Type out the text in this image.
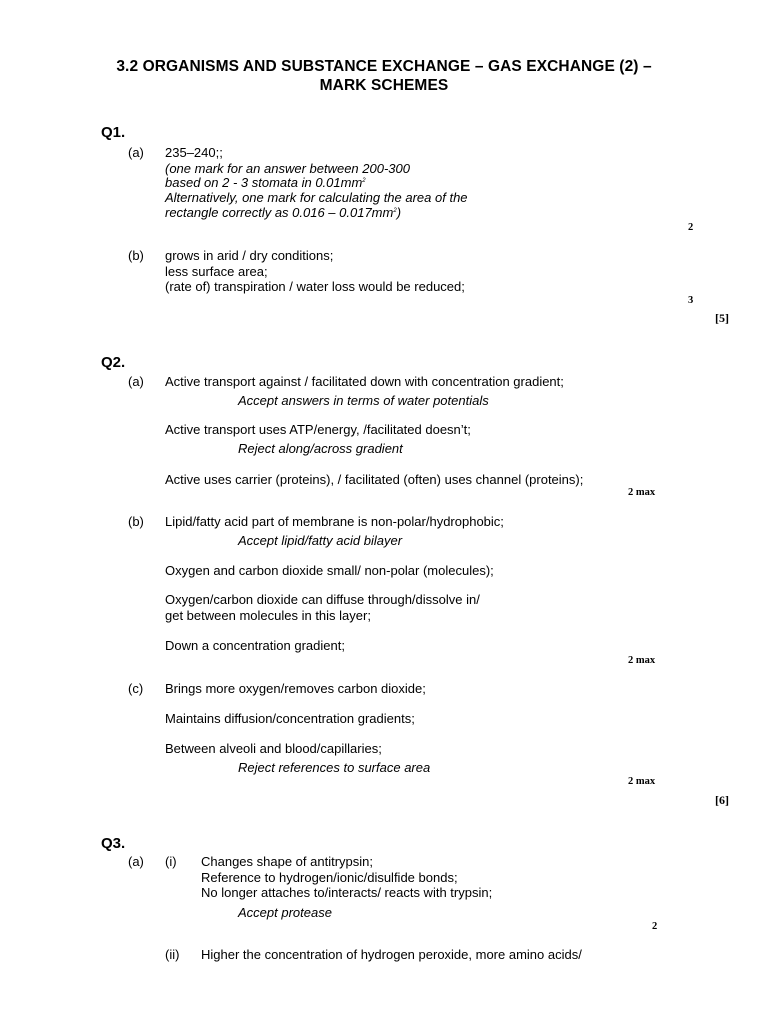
3.2 ORGANISMS AND SUBSTANCE EXCHANGE – GAS EXCHANGE (2) –
MARK SCHEMES
Q1.
(a) 235–240;;
(one mark for an answer between 200-300
based on 2 - 3 stomata in $0.01mm^2$
Alternatively, one mark for calculating the area of the
rectangle correctly as $0.016 - 0.017mm^2$)
2
(b) grows in arid / dry conditions;
less surface area;
(rate of) transpiration / water loss would be reduced;
3
[5]
Q2.
(a) Active transport against / facilitated down with concentration gradient;
Accept answers in terms of water potentials
Active transport uses ATP/energy, /facilitated doesn’t;
Reject along/across gradient
Active uses carrier (proteins), / facilitated (often) uses channel (proteins);
2 max
(b) Lipid/fatty acid part of membrane is non-polar/hydrophobic;
Accept lipid/fatty acid bilayer
Oxygen and carbon dioxide small/ non-polar (molecules);
Oxygen/carbon dioxide can diffuse through/dissolve in/
get between molecules in this layer;
Down a concentration gradient;
2 max
(c) Brings more oxygen/removes carbon dioxide;
Maintains diffusion/concentration gradients;
Between alveoli and blood/capillaries;
Reject references to surface area
2 max
[6]
Q3.
(a) (i) Changes shape of antitrypsin;
Reference to hydrogen/ionic/disulfide bonds;
No longer attaches to/interacts/ reacts with trypsin;
Accept protease
2
(ii) Higher the concentration of hydrogen peroxide, more amino acids/
